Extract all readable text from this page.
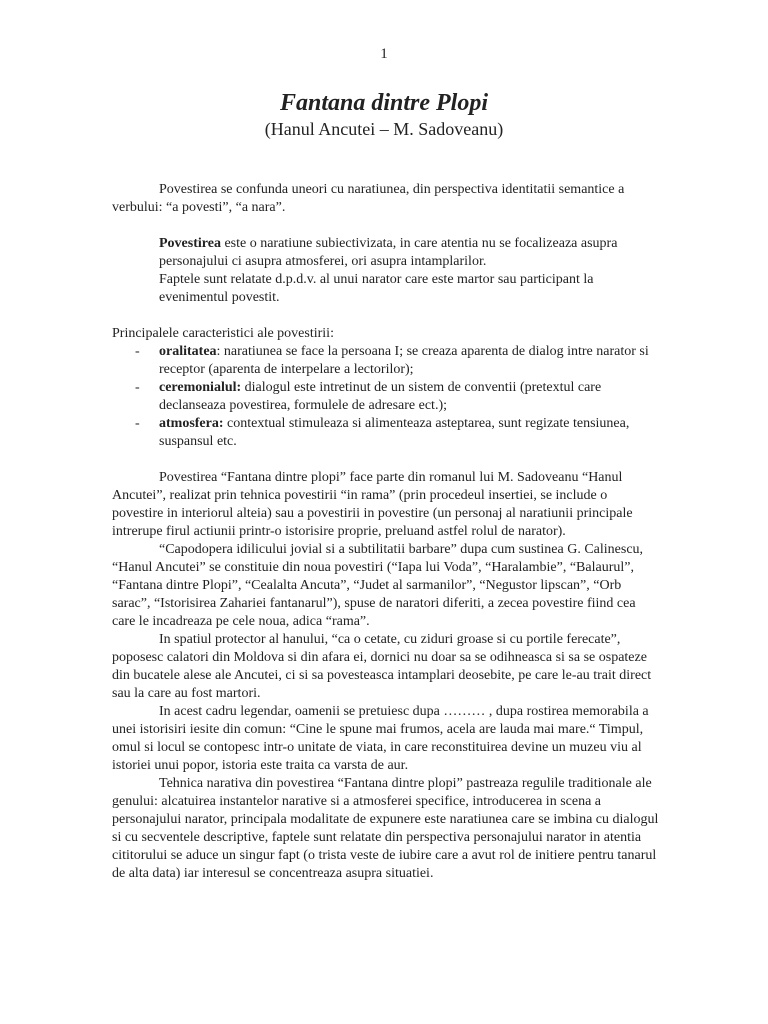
1
Fantana dintre Plopi
(Hanul Ancutei – M. Sadoveanu)

Povestirea se confunda uneori cu naratiunea, din perspectiva identitatii semantice a verbului: “a povesti”, “a nara”.

Povestirea este o naratiune subiectivizata, in care atentia nu se focalizeaza asupra personajului ci asupra atmosferei, ori asupra intamplarilor.

Faptele sunt relatate d.p.d.v. al unui narator care este martor sau participant la evenimentul povestit.

Principalele caracteristici ale povestirii:

- oralitatea: naratiunea se face la persoana I; se creaza aparenta de dialog intre narator si receptor (aparenta de interpelare a lectorilor);
- ceremonialul: dialogul este intretinut de un sistem de conventii (pretextul care declanseaza povestirea, formulele de adresare ect.);
- atmosfera: contextual stimuleaza si alimenteaza asteptarea, sunt regizate tensiunea, suspansul etc.

Povestirea “Fantana dintre plopi” face parte din romanul lui M. Sadoveanu “Hanul Ancutei”, realizat prin tehnica povestirii “in rama” (prin procedeul insertiei, se include o povestire in interiorul alteia) sau a povestirii in povestire (un personaj al naratiunii principale intrerupe firul actiunii printr-o istorisire proprie, preluand astfel rolul de narator).

“Capodopera idilicului jovial si a subtilitatii barbare” dupa cum sustinea G. Calinescu, “Hanul Ancutei” se constituie din noua povestiri (“Iapa lui Voda”, “Haralambie”, “Balaurul”, “Fantana dintre Plopi”, “Cealalta Ancuta”, “Judet al sarmanilor”, “Negustor lipscan”, “Orb sarac”, “Istorisirea Zahariei fantanarul”), spuse de naratori diferiti, a zecea povestire fiind cea care le incadreaza pe cele noua, adica “rama”.

In spatiul protector al hanului, “ca o cetate, cu ziduri groase si cu portile ferecate”, poposesc calatori din Moldova si din afara ei, dornici nu doar sa se odihneasca si sa se ospateze din bucatele alese ale Ancutei, ci si sa povesteasca intamplari deosebite, pe care le-au trait direct sau la care au fost martori.

In acest cadru legendar, oamenii se pretuiesc dupa ……… , dupa rostirea memorabila a unei istorisiri iesite din comun: “Cine le spune mai frumos, acela are lauda mai mare.“ Timpul, omul si locul se contopesc intr-o unitate de viata, in care reconstituirea devine un muzeu viu al istoriei unui popor, istoria este traita ca varsta de aur.

Tehnica narativa din povestirea “Fantana dintre plopi” pastreaza regulile traditionale ale genului: alcatuirea instantelor narative si a atmosferei specifice, introducerea in scena a personajului narator, principala modalitate de expunere este naratiunea care se imbina cu dialogul si cu secventele descriptive, faptele sunt relatate din perspectiva personajului narator in atentia cititorului se aduce un singur fapt (o trista veste de iubire care a avut rol de initiere pentru tanarul de alta data) iar interesul se concentreaza asupra situatiei.
